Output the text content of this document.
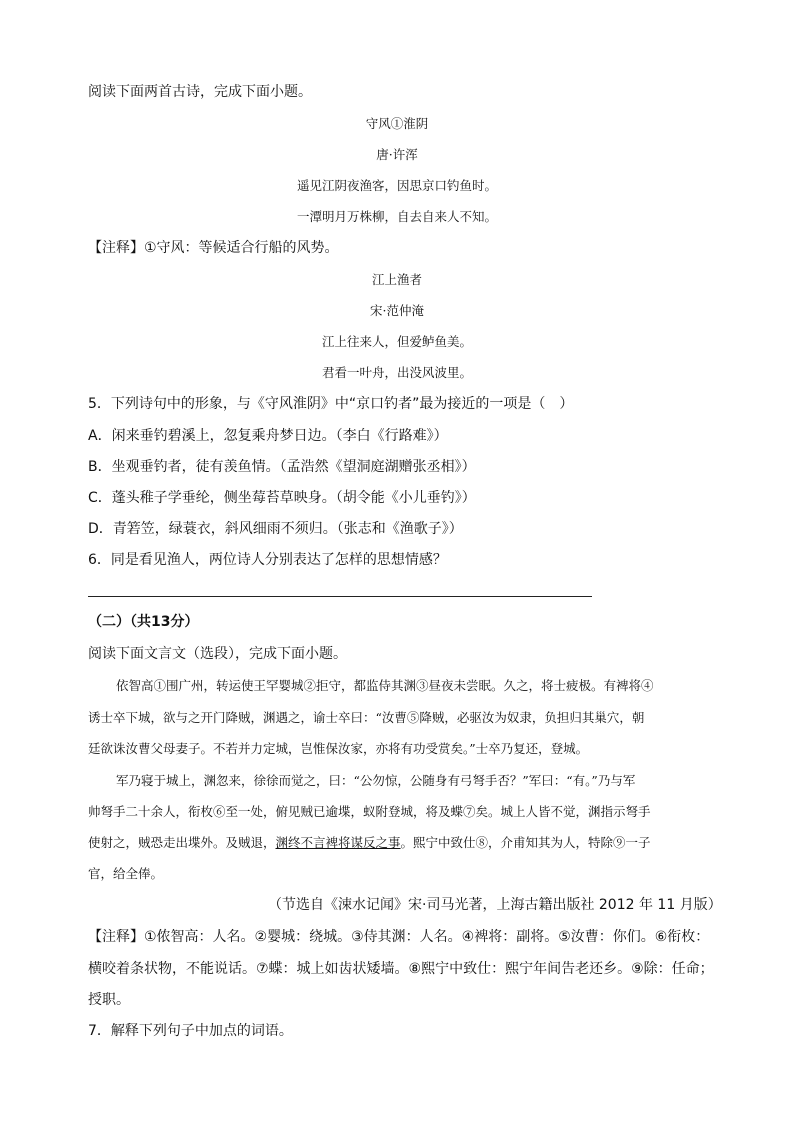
阅读下面两首古诗，完成下面小题。
守风①淮阴
唐·许浑
遥见江阴夜渔客，因思京口钓鱼时。
一潭明月万株柳，自去自来人不知。
【注释】①守风：等候适合行船的风势。
江上渔者
宋·范仲淹
江上往来人，但爱鲈鱼美。
君看一叶舟，出没风波里。
5．下列诗句中的形象，与《守风淮阴》中“京口钓者”最为接近的一项是（　）
A．闲来垂钓碧溪上，忽复乘舟梦日边。（李白《行路难》）
B．坐观垂钓者，徒有羡鱼情。（孟浩然《望洞庭湖赠张丞相》）
C．蓬头稚子学垂纶，侧坐莓苔草映身。（胡令能《小儿垂钓》）
D．青箬笠，绿蓑衣，斜风细雨不须归。（张志和《渔歌子》）
6．同是看见渔人，两位诗人分别表达了怎样的思想情感？
（二）（共13分）
阅读下面文言文（选段），完成下面小题。
依智高①围广州，转运使王罕婴城②拒守，都监侍其渊③昼夜未尝眠。久之，将士疲极。有裨将④
诱士卒下城，欲与之开门降贼，渊遇之，谕士卒曰：“汝曹⑤降贼，必驱汝为奴隶，负担归其巢穴，朝
廷欲诛汝曹父母妻子。不若并力定城，岂惟保汝家，亦将有功受赏矣。”士卒乃复还，登城。
军乃寝于城上，渊忽来，徐徐而觉之，曰：“公勿惊，公随身有弓弩手否？”军曰：“有。”乃与军
帅弩手二十余人，衔枚⑥至一处，俯见贼已逾堞，蚁附登城，将及蝶⑦矣。城上人皆不觉，渊指示弩手
使射之，贼恐走出堞外。及贼退，渊终不言裨将谋反之事。熙宁中致仕⑧，介甫知其为人，特除⑨一子
官，给全俸。
（节选自《涑水记闻》宋·司马光著，上海古籍出版社 2012 年 11 月版）
【注释】①侬智高：人名。②婴城：绕城。③侍其渊：人名。④裨将：副将。⑤汝曹：你们。⑥衔枚：
横咬着条状物，不能说话。⑦蝶：城上如齿状矮墙。⑧熙宁中致仕：熙宁年间告老还乡。⑨除：任命；
授职。
7．解释下列句子中加点的词语。
